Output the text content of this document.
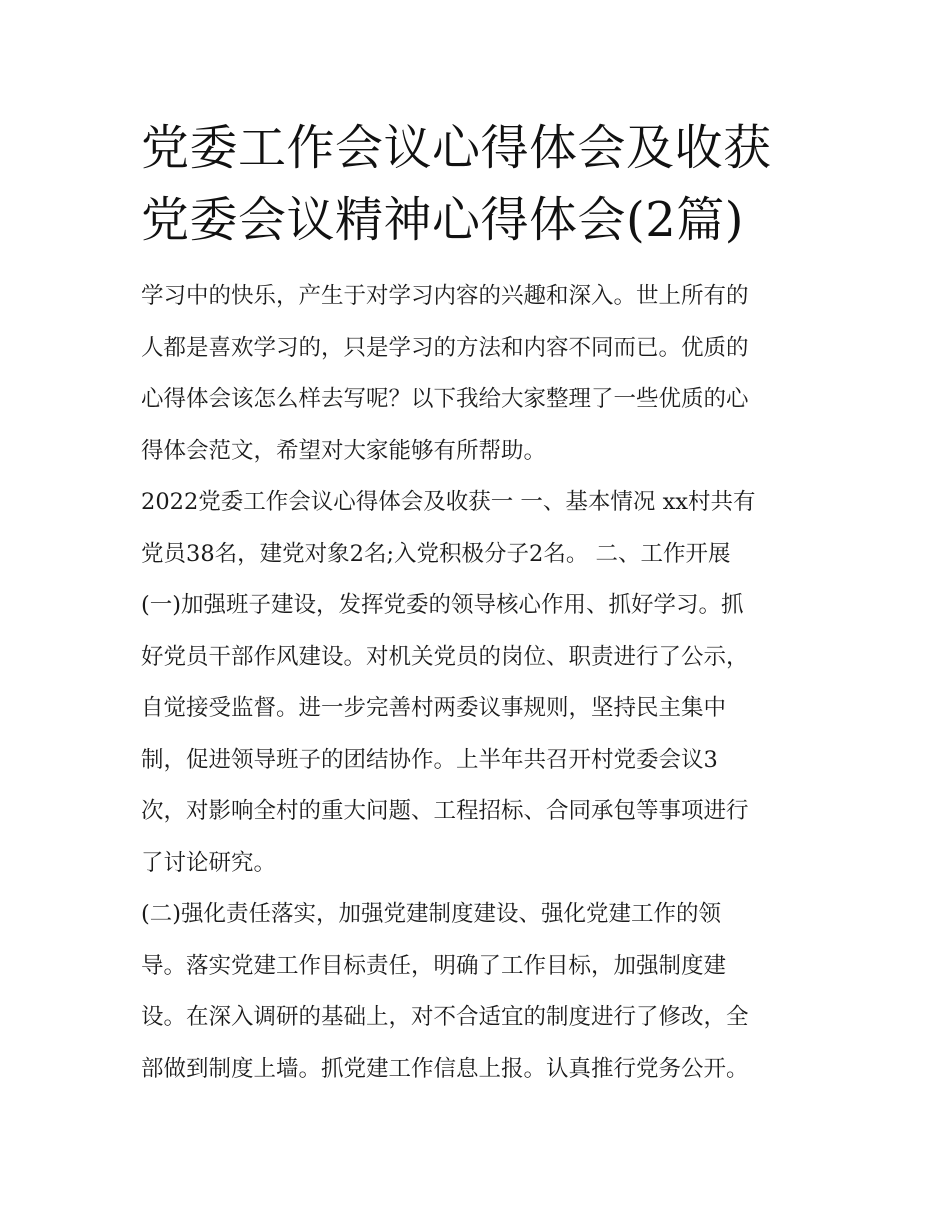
党委工作会议心得体会及收获
党委会议精神心得体会(2篇)

学习中的快乐，产生于对学习内容的兴趣和深入。世上所有的
人都是喜欢学习的，只是学习的方法和内容不同而已。优质的
心得体会该怎么样去写呢？以下我给大家整理了一些优质的心
得体会范文，希望对大家能够有所帮助。

2022党委工作会议心得体会及收获一 一、基本情况 xx村共有
党员38名，建党对象2名;入党积极分子2名。 二、工作开展
(一)加强班子建设，发挥党委的领导核心作用、抓好学习。抓
好党员干部作风建设。对机关党员的岗位、职责进行了公示，
自觉接受监督。进一步完善村两委议事规则，坚持民主集中
制，促进领导班子的团结协作。上半年共召开村党委会议3
次，对影响全村的重大问题、工程招标、合同承包等事项进行
了讨论研究。

(二)强化责任落实，加强党建制度建设、强化党建工作的领
导。落实党建工作目标责任，明确了工作目标，加强制度建
设。在深入调研的基础上，对不合适宜的制度进行了修改，全
部做到制度上墙。抓党建工作信息上报。认真推行党务公开。
